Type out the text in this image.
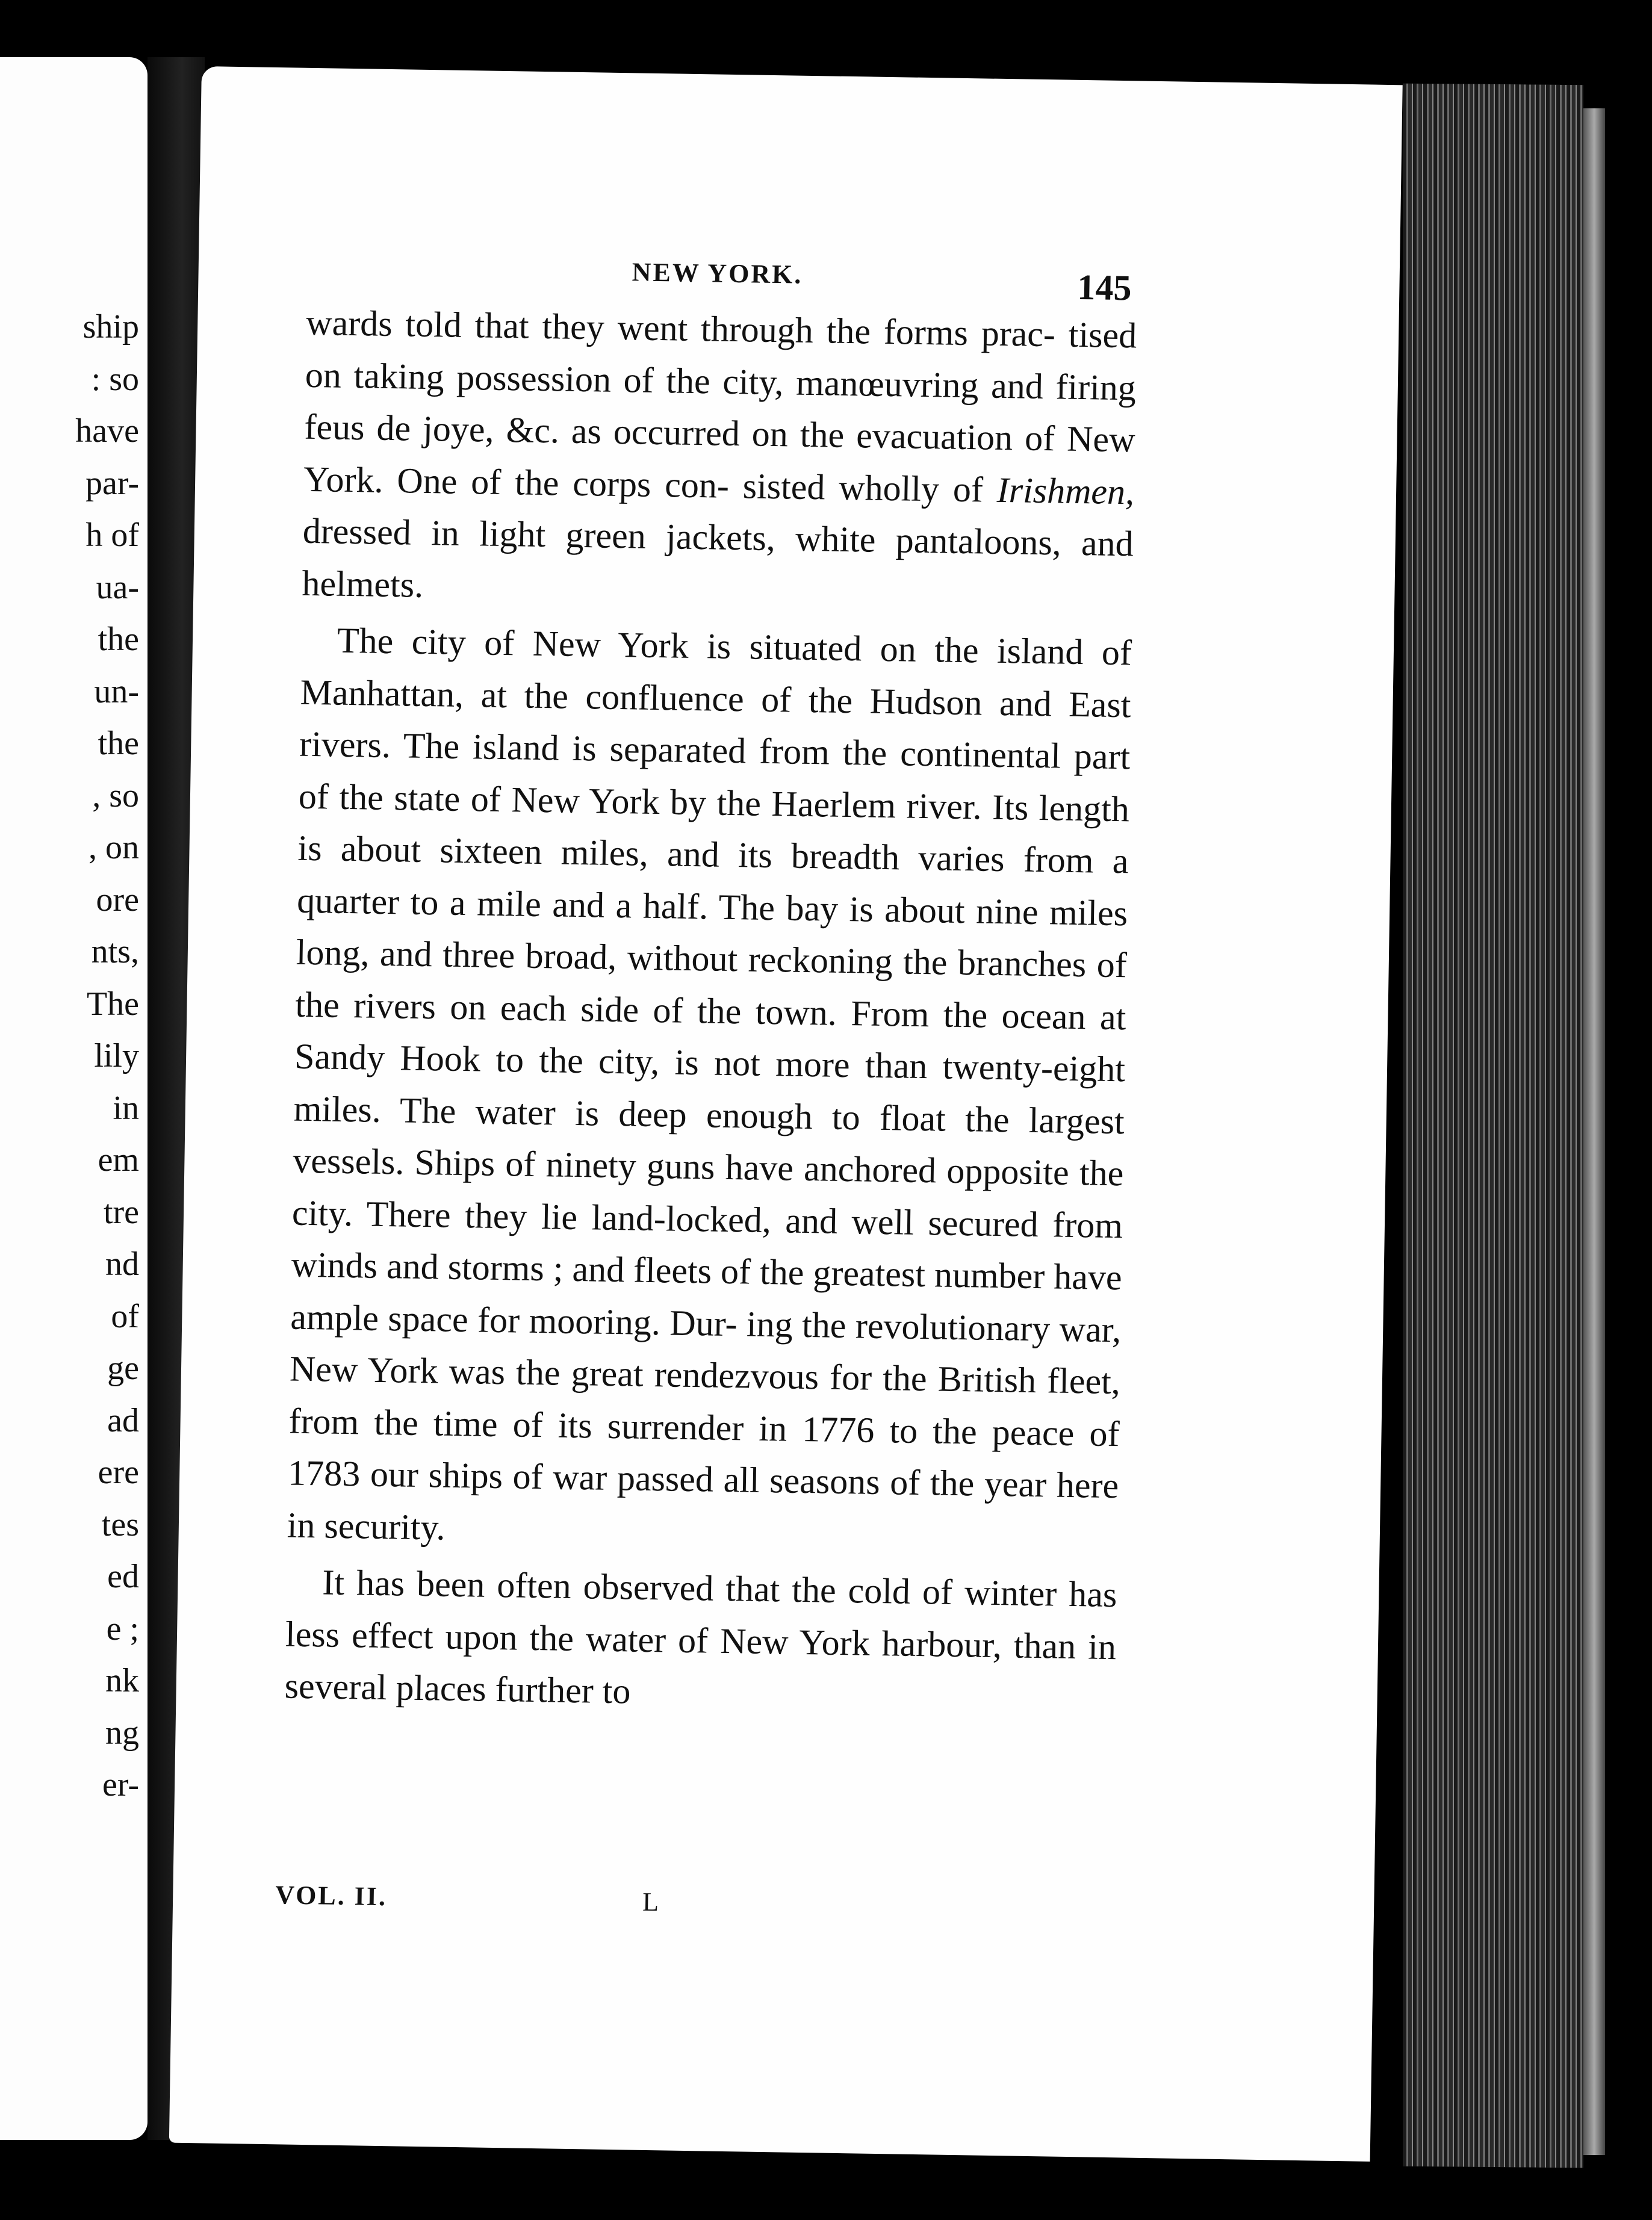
ship
: so
have
par-
h of
ua-
the
un-
the
, so
, on
ore
nts,
The
lily
in
em
tre
nd
of
ge
ad
ere
tes
ed
e ;
nk
ng
er-
NEW YORK.	145

wards told that they went through the forms prac- tised on taking possession of the city, manœuvring and firing feus de joye, &c. as occurred on the evacuation of New York. One of the corps con- sisted wholly of Irishmen, dressed in light green jackets, white pantaloons, and helmets.

The city of New York is situated on the island of Manhattan, at the confluence of the Hudson and East rivers. The island is separated from the continental part of the state of New York by the Haerlem river. Its length is about sixteen miles, and its breadth varies from a quarter to a mile and a half. The bay is about nine miles long, and three broad, without reckoning the branches of the rivers on each side of the town. From the ocean at Sandy Hook to the city, is not more than twenty-eight miles. The water is deep enough to float the largest vessels. Ships of ninety guns have anchored opposite the city. There they lie land-locked, and well secured from winds and storms ; and fleets of the greatest number have ample space for mooring. Dur- ing the revolutionary war, New York was the great rendezvous for the British fleet, from the time of its surrender in 1776 to the peace of 1783 our ships of war passed all seasons of the year here in security.

It has been often observed that the cold of winter has less effect upon the water of New York harbour, than in several places further to

VOL. II.	L
